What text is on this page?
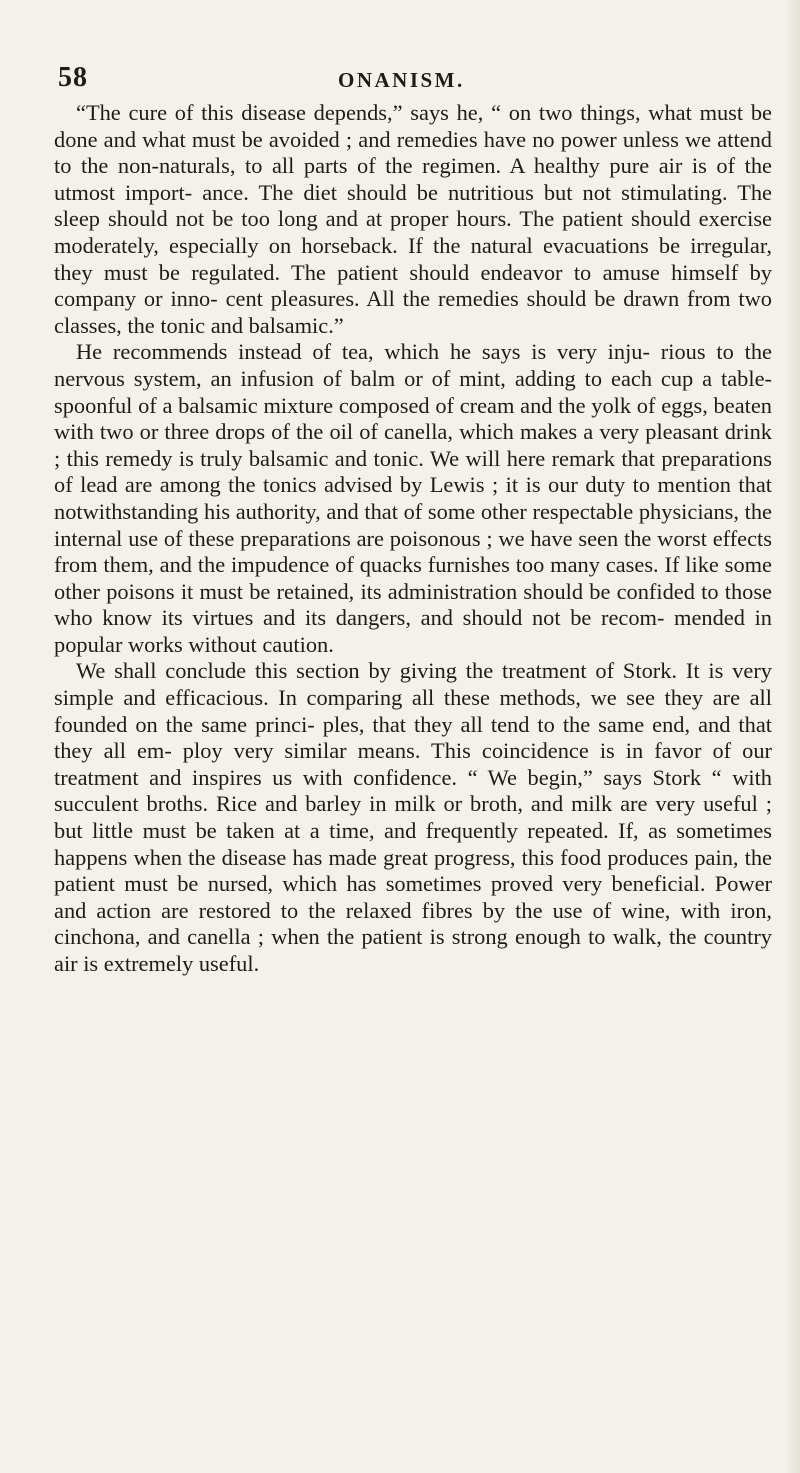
58	ONANISM.

“The cure of this disease depends,” says he, “ on two things, what must be done and what must be avoided ; and remedies have no power unless we attend to the non-naturals, to all parts of the regimen. A healthy pure air is of the utmost import- ance. The diet should be nutritious but not stimulating. The sleep should not be too long and at proper hours. The patient should exercise moderately, especially on horseback. If the natural evacuations be irregular, they must be regulated. The patient should endeavor to amuse himself by company or inno- cent pleasures. All the remedies should be drawn from two classes, the tonic and balsamic.”

He recommends instead of tea, which he says is very inju- rious to the nervous system, an infusion of balm or of mint, adding to each cup a table-spoonful of a balsamic mixture composed of cream and the yolk of eggs, beaten with two or three drops of the oil of canella, which makes a very pleasant drink ; this remedy is truly balsamic and tonic. We will here remark that preparations of lead are among the tonics advised by Lewis ; it is our duty to mention that notwithstanding his authority, and that of some other respectable physicians, the internal use of these preparations are poisonous ; we have seen the worst effects from them, and the impudence of quacks furnishes too many cases. If like some other poisons it must be retained, its administration should be confided to those who know its virtues and its dangers, and should not be recom- mended in popular works without caution.

We shall conclude this section by giving the treatment of Stork. It is very simple and efficacious. In comparing all these methods, we see they are all founded on the same princi- ples, that they all tend to the same end, and that they all em- ploy very similar means. This coincidence is in favor of our treatment and inspires us with confidence. “ We begin,” says Stork “ with succulent broths. Rice and barley in milk or broth, and milk are very useful ; but little must be taken at a time, and frequently repeated. If, as sometimes happens when the disease has made great progress, this food produces pain, the patient must be nursed, which has sometimes proved very beneficial. Power and action are restored to the relaxed fibres by the use of wine, with iron, cinchona, and canella ; when the patient is strong enough to walk, the country air is extremely useful.
